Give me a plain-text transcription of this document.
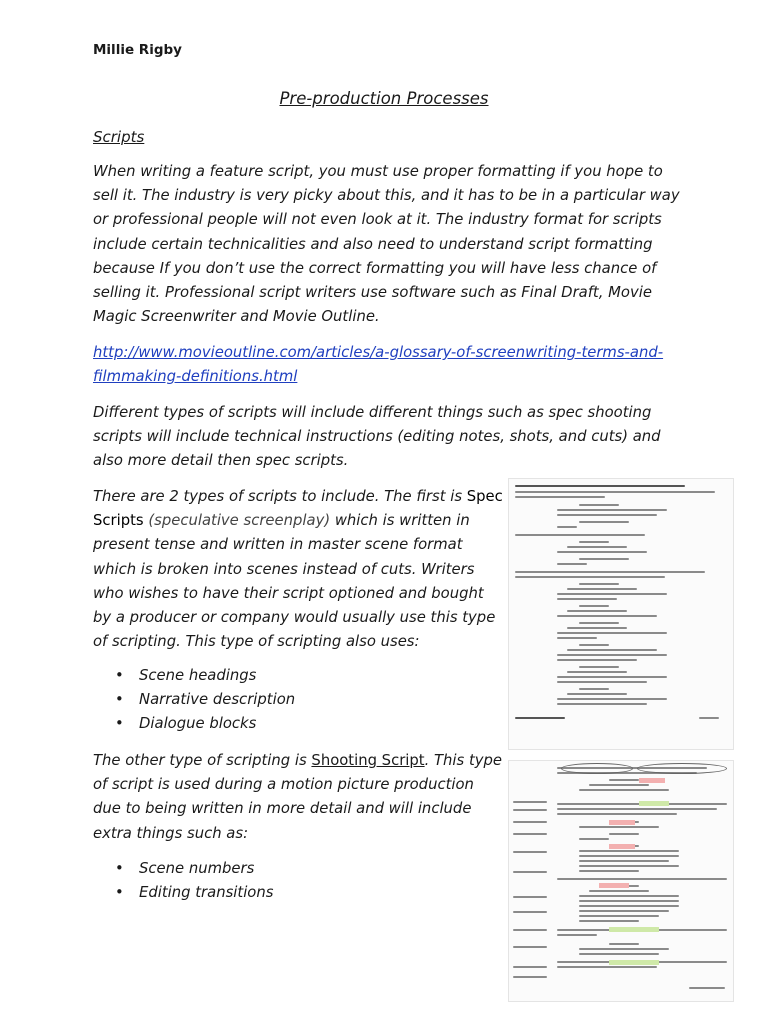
Millie Rigby
Pre-production Processes
Scripts

When writing a feature script, you must use proper formatting if you hope to sell it. The industry is very picky about this, and it has to be in a particular way or professional people will not even look at it. The industry format for scripts include certain technicalities and also need to understand script formatting because If you don’t use the correct formatting you will have less chance of selling it. Professional script writers use software such as Final Draft, Movie Magic Screenwriter and Movie Outline.

http://www.movieoutline.com/articles/a-glossary-of-screenwriting-terms-and-filmmaking-definitions.html

Different types of scripts will include different things such as spec shooting scripts will include technical instructions (editing notes, shots, and cuts) and also more detail then spec scripts.

There are 2 types of scripts to include. The first is Spec Scripts (speculative screenplay) which is written in present tense and written in master scene format which is broken into scenes instead of cuts. Writers who wishes to have their script optioned and bought by a producer or company would usually use this type of scripting. This type of scripting also uses:

• Scene headings
• Narrative description
• Dialogue blocks

The other type of scripting is Shooting Script. This type of script is used during a motion picture production due to being written in more detail and will include extra things such as:

• Scene numbers
• Editing transitions
